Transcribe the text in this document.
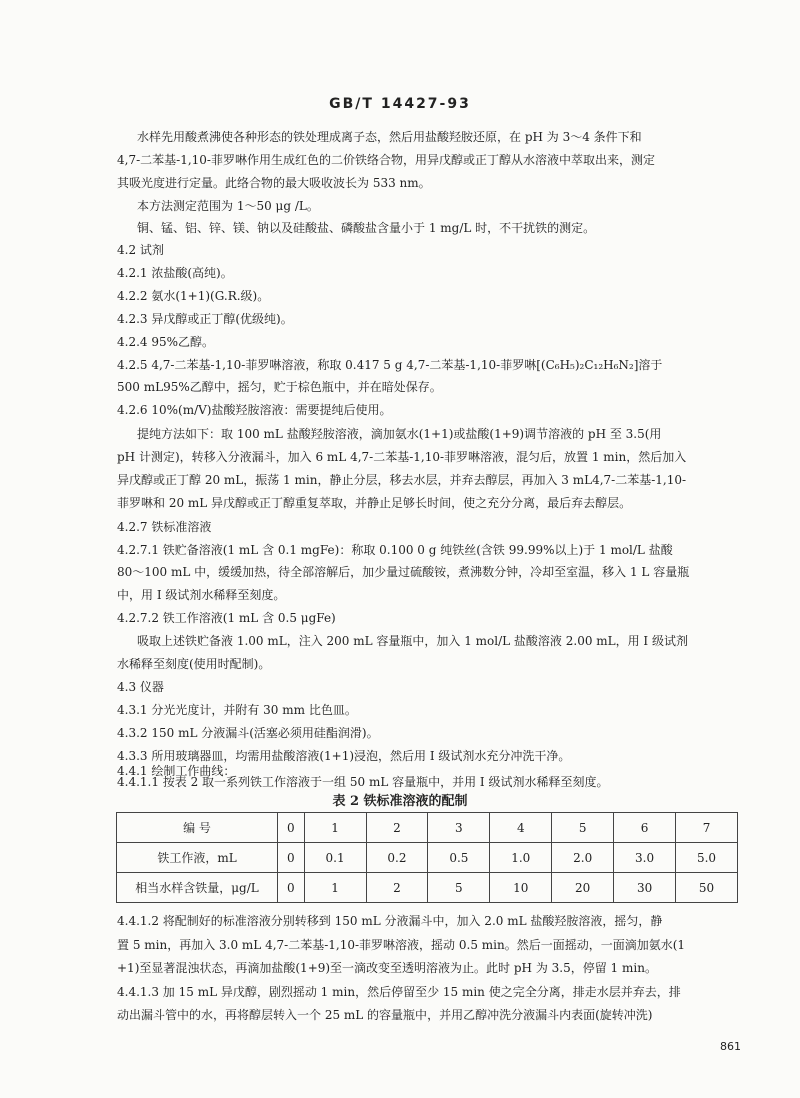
GB/T 14427-93
水样先用酸煮沸使各种形态的铁处理成离子态，然后用盐酸羟胺还原，在 pH 为 3～4 条件下和
4,7-二苯基-1,10-菲罗啉作用生成红色的二价铁络合物，用异戊醇或正丁醇从水溶液中萃取出来，测定
其吸光度进行定量。此络合物的最大吸收波长为 533 nm。
本方法测定范围为 1～50 μg /L。
铜、锰、铝、锌、镁、钠以及硅酸盐、磷酸盐含量小于 1 mg/L 时，不干扰铁的测定。
4.2 试剂
4.2.1 浓盐酸(高纯)。
4.2.2 氨水(1+1)(G.R.级)。
4.2.3 异戊醇或正丁醇(优级纯)。
4.2.4 95%乙醇。
4.2.5 4,7-二苯基-1,10-菲罗啉溶液，称取 0.417 5 g 4,7-二苯基-1,10-菲罗啉[(C₆H₅)₂C₁₂H₆N₂]溶于
500 mL95%乙醇中，摇匀，贮于棕色瓶中，并在暗处保存。
4.2.6 10%(m/V)盐酸羟胺溶液：需要提纯后使用。
提纯方法如下：取 100 mL 盐酸羟胺溶液，滴加氨水(1+1)或盐酸(1+9)调节溶液的 pH 至 3.5(用
pH 计测定)，转移入分液漏斗，加入 6 mL 4,7-二苯基-1,10-菲罗啉溶液，混匀后，放置 1 min，然后加入
异戊醇或正丁醇 20 mL，振荡 1 min，静止分层，移去水层，并弃去醇层，再加入 3 mL4,7-二苯基-1,10-
菲罗啉和 20 mL 异戊醇或正丁醇重复萃取，并静止足够长时间，使之充分分离，最后弃去醇层。
4.2.7 铁标准溶液
4.2.7.1 铁贮备溶液(1 mL 含 0.1 mgFe)：称取 0.100 0 g 纯铁丝(含铁 99.99%以上)于 1 mol/L 盐酸
80～100 mL 中，缓缓加热，待全部溶解后，加少量过硫酸铵，煮沸数分钟，冷却至室温，移入 1 L 容量瓶
中，用 Ⅰ 级试剂水稀释至刻度。
4.2.7.2 铁工作溶液(1 mL 含 0.5 μgFe)
吸取上述铁贮备液 1.00 mL，注入 200 mL 容量瓶中，加入 1 mol/L 盐酸溶液 2.00 mL，用 Ⅰ 级试剂
水稀释至刻度(使用时配制)。
4.3 仪器
4.3.1 分光光度计，并附有 30 mm 比色皿。
4.3.2 150 mL 分液漏斗(活塞必须用硅酯润滑)。
4.3.3 所用玻璃器皿，均需用盐酸溶液(1+1)浸泡，然后用 Ⅰ 级试剂水充分冲洗干净。
4.4.1 绘制工作曲线：
4.4.1.1 按表 2 取一系列铁工作溶液于一组 50 mL 容量瓶中，并用 Ⅰ 级试剂水稀释至刻度。
表 2 铁标准溶液的配制
编 号	0	1	2	3	4	5	6	7
铁工作液，mL	0	0.1	0.2	0.5	1.0	2.0	3.0	5.0
相当水样含铁量，μg/L	0	1	2	5	10	20	30	50
4.4.1.2 将配制好的标准溶液分别转移到 150 mL 分液漏斗中，加入 2.0 mL 盐酸羟胺溶液，摇匀，静
置 5 min，再加入 3.0 mL 4,7-二苯基-1,10-菲罗啉溶液，摇动 0.5 min。然后一面摇动，一面滴加氨水(1
+1)至显著混浊状态，再滴加盐酸(1+9)至一滴改变至透明溶液为止。此时 pH 为 3.5，停留 1 min。
4.4.1.3 加 15 mL 异戊醇，剧烈摇动 1 min，然后停留至少 15 min 使之完全分离，排走水层并弃去，排
动出漏斗管中的水，再将醇层转入一个 25 mL 的容量瓶中，并用乙醇冲洗分液漏斗内表面(旋转冲洗)
861
